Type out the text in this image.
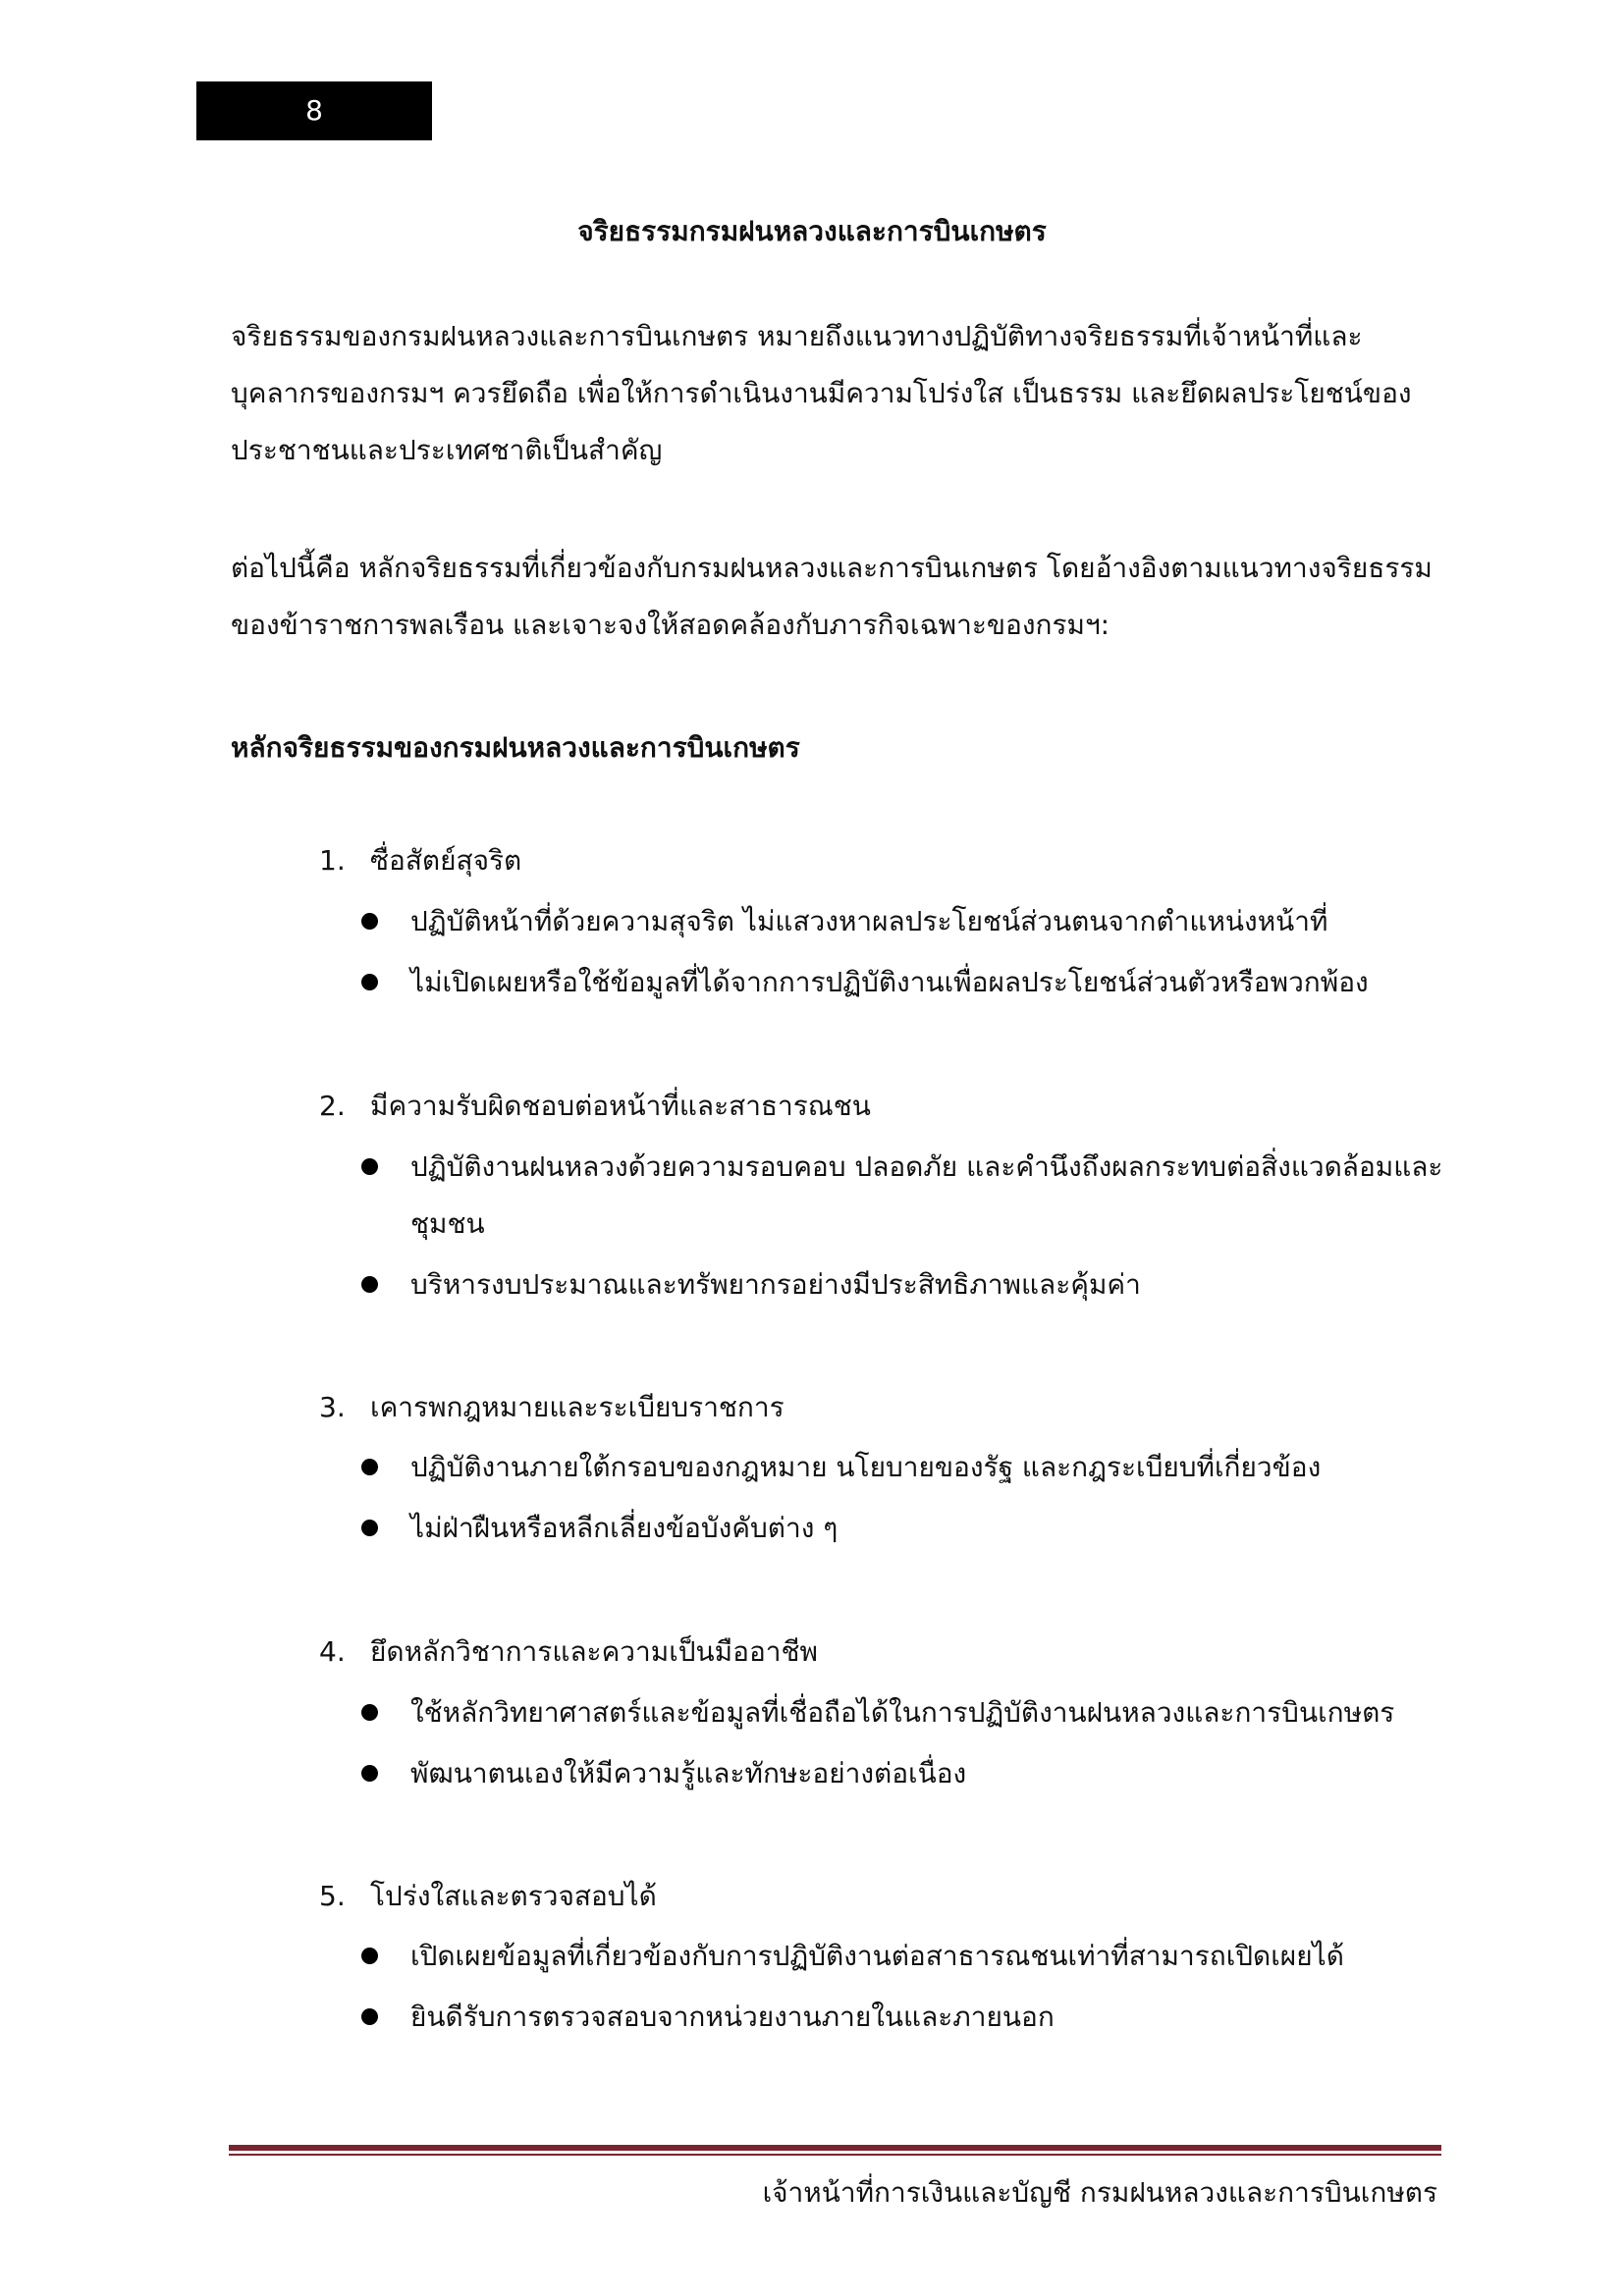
8
จริยธรรมกรมฝนหลวงและการบินเกษตร
จริยธรรมของกรมฝนหลวงและการบินเกษตร หมายถึงแนวทางปฏิบัติทางจริยธรรมที่เจ้าหน้าที่และ
บุคลากรของกรมฯ ควรยึดถือ เพื่อให้การดำเนินงานมีความโปร่งใส เป็นธรรม และยึดผลประโยชน์ของ
ประชาชนและประเทศชาติเป็นสำคัญ
ต่อไปนี้คือ หลักจริยธรรมที่เกี่ยวข้องกับกรมฝนหลวงและการบินเกษตร โดยอ้างอิงตามแนวทางจริยธรรม
ของข้าราชการพลเรือน และเจาะจงให้สอดคล้องกับภารกิจเฉพาะของกรมฯ:
หลักจริยธรรมของกรมฝนหลวงและการบินเกษตร
1. ซื่อสัตย์สุจริต
ปฏิบัติหน้าที่ด้วยความสุจริต ไม่แสวงหาผลประโยชน์ส่วนตนจากตำแหน่งหน้าที่
ไม่เปิดเผยหรือใช้ข้อมูลที่ได้จากการปฏิบัติงานเพื่อผลประโยชน์ส่วนตัวหรือพวกพ้อง
2. มีความรับผิดชอบต่อหน้าที่และสาธารณชน
ปฏิบัติงานฝนหลวงด้วยความรอบคอบ ปลอดภัย และคำนึงถึงผลกระทบต่อสิ่งแวดล้อมและ
ชุมชน
บริหารงบประมาณและทรัพยากรอย่างมีประสิทธิภาพและคุ้มค่า
3. เคารพกฎหมายและระเบียบราชการ
ปฏิบัติงานภายใต้กรอบของกฎหมาย นโยบายของรัฐ และกฎระเบียบที่เกี่ยวข้อง
ไม่ฝ่าฝืนหรือหลีกเลี่ยงข้อบังคับต่าง ๆ
4. ยึดหลักวิชาการและความเป็นมืออาชีพ
ใช้หลักวิทยาศาสตร์และข้อมูลที่เชื่อถือได้ในการปฏิบัติงานฝนหลวงและการบินเกษตร
พัฒนาตนเองให้มีความรู้และทักษะอย่างต่อเนื่อง
5. โปร่งใสและตรวจสอบได้
เปิดเผยข้อมูลที่เกี่ยวข้องกับการปฏิบัติงานต่อสาธารณชนเท่าที่สามารถเปิดเผยได้
ยินดีรับการตรวจสอบจากหน่วยงานภายในและภายนอก
เจ้าหน้าที่การเงินและบัญชี กรมฝนหลวงและการบินเกษตร
